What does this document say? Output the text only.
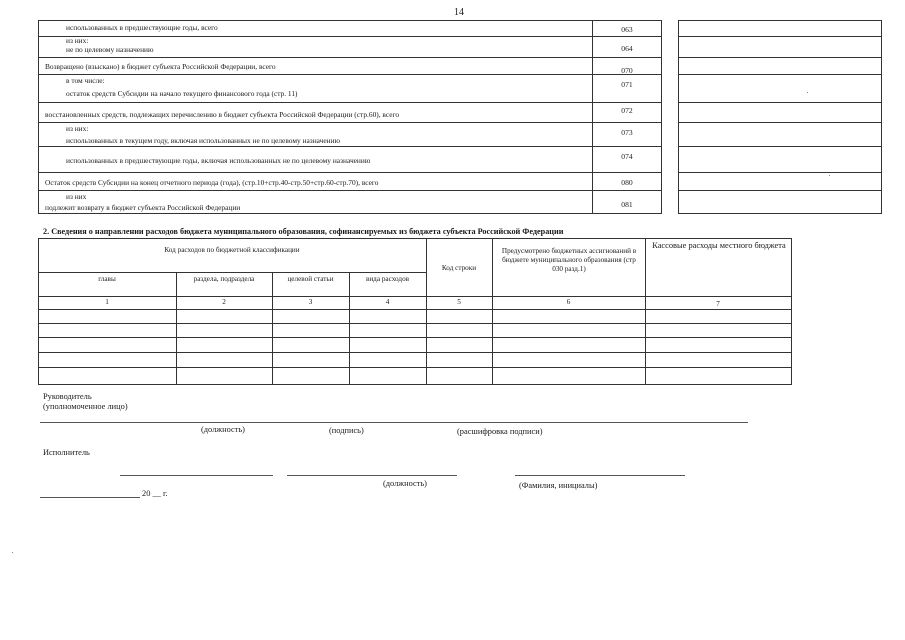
14
использованных в предшествующие годы, всего	063
из них:
не по целевому назначению	064
Возвращено (взыскано) в бюджет субъекта Российской Федерации, всего	070
в том числе:
остаток средств Субсидии на начало текущего финансового года (стр. 11)
071
восстановленных средств, подлежащих перечислению в бюджет субъекта Российской Федерации (стр.60), всего	072
из них:
использованных в текущем году, включая использованных не по целевому назначению
073
использованных в предшествующие годы, включая использованных не по целевому назначению	074
Остаток средств Субсидии на конец отчетного периода (года), (стр.10+стр.40-стр.50+стр.60-стр.70), всего	080
из них
подлежит возврату в бюджет субъекта Российской Федерации	081
2. Сведения о направлении расходов бюджета муниципального образования, софинансируемых из бюджета субъекта Российской Федерации
Код расходов по бюджетной классификации
главы	раздела, подраздела	целевой статьи	вида расходов
Код строки
Предусмотрено бюджетных ассигнований в бюджете муниципального образования (стр 030 разд.1)
Кассовые расходы местного бюджета
1	2	3	4	5	6	7
Руководитель
(уполномоченное лицо)
(должность)	(подпись)	(расшифровка подписи)
Исполнитель
(должность)	(Фамилия, инициалы)
20 __ г.
